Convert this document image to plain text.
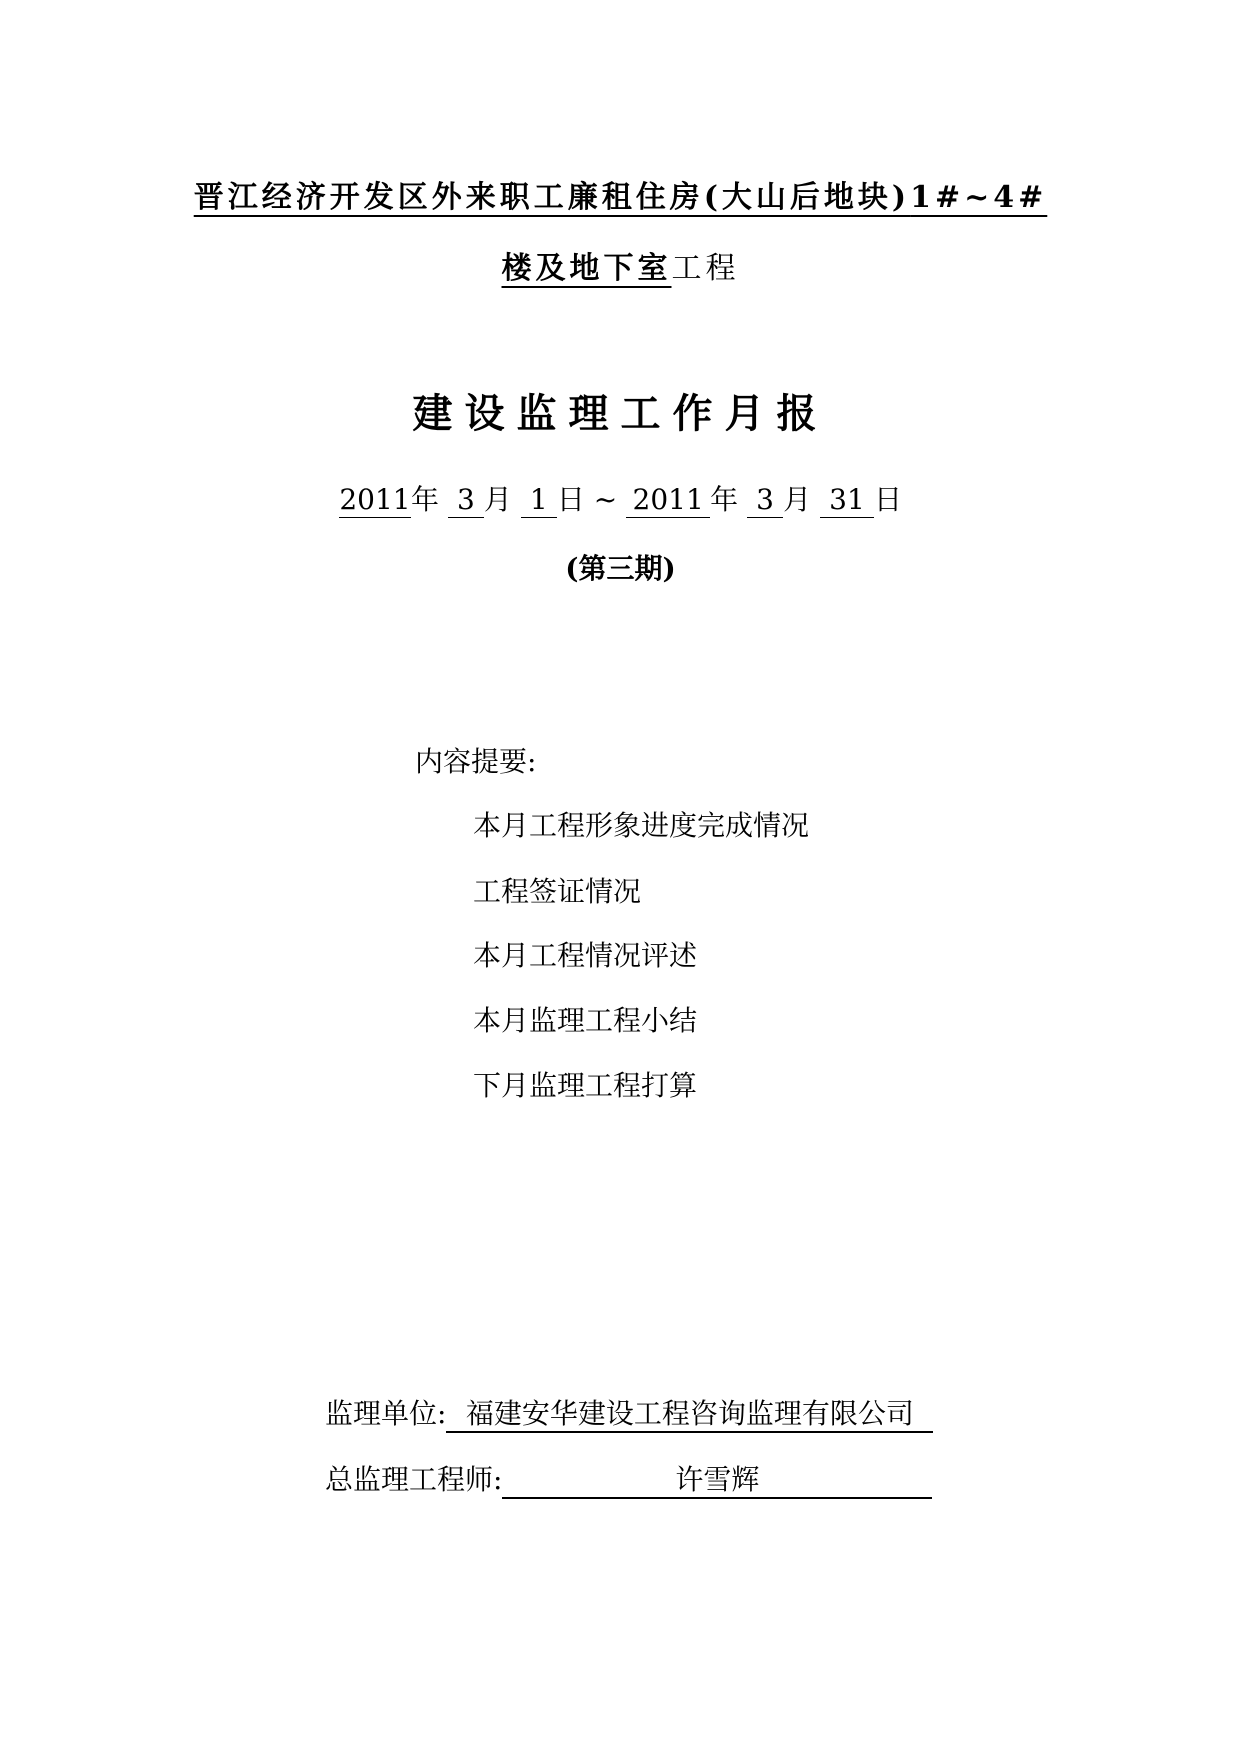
晋江经济开发区外来职工廉租住房(大山后地块)1#~4#
楼及地下室工程
建设监理工作月报
2011年 3 月 1 日 ~ 2011 年 3 月 31 日
(第三期)
内容提要:
本月工程形象进度完成情况
工程签证情况
本月工程情况评述
本月监理工程小结
下月监理工程打算
监理单位: 福建安华建设工程咨询监理有限公司
总监理工程师:	许雪辉
